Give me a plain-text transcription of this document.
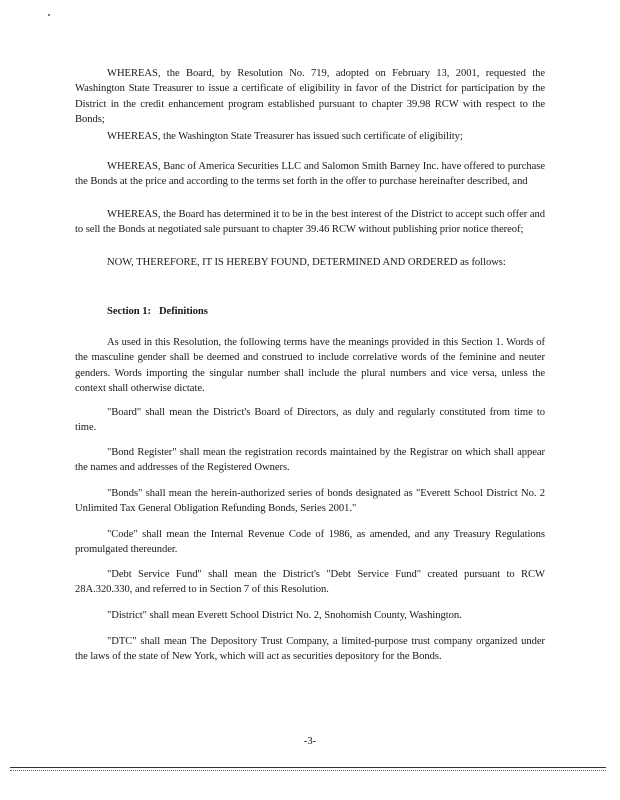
WHEREAS, the Board, by Resolution No. 719, adopted on February 13, 2001, requested the Washington State Treasurer to issue a certificate of eligibility in favor of the District for participation by the District in the credit enhancement program established pursuant to chapter 39.98 RCW with respect to the Bonds;

WHEREAS, the Washington State Treasurer has issued such certificate of eligibility;

WHEREAS, Banc of America Securities LLC and Salomon Smith Barney Inc. have offered to purchase the Bonds at the price and according to the terms set forth in the offer to purchase hereinafter described, and

WHEREAS, the Board has determined it to be in the best interest of the District to accept such offer and to sell the Bonds at negotiated sale pursuant to chapter 39.46 RCW without publishing prior notice thereof;

NOW, THEREFORE, IT IS HEREBY FOUND, DETERMINED AND ORDERED as follows:

Section 1: Definitions

As used in this Resolution, the following terms have the meanings provided in this Section 1. Words of the masculine gender shall be deemed and construed to include correlative words of the feminine and neuter genders. Words importing the singular number shall include the plural numbers and vice versa, unless the context shall otherwise dictate.

"Board" shall mean the District's Board of Directors, as duly and regularly constituted from time to time.

"Bond Register" shall mean the registration records maintained by the Registrar on which shall appear the names and addresses of the Registered Owners.

"Bonds" shall mean the herein-authorized series of bonds designated as "Everett School District No. 2 Unlimited Tax General Obligation Refunding Bonds, Series 2001."

"Code" shall mean the Internal Revenue Code of 1986, as amended, and any Treasury Regulations promulgated thereunder.

"Debt Service Fund" shall mean the District's "Debt Service Fund" created pursuant to RCW 28A.320.330, and referred to in Section 7 of this Resolution.

"District" shall mean Everett School District No. 2, Snohomish County, Washington.

"DTC" shall mean The Depository Trust Company, a limited-purpose trust company organized under the laws of the state of New York, which will act as securities depository for the Bonds.

-3-
